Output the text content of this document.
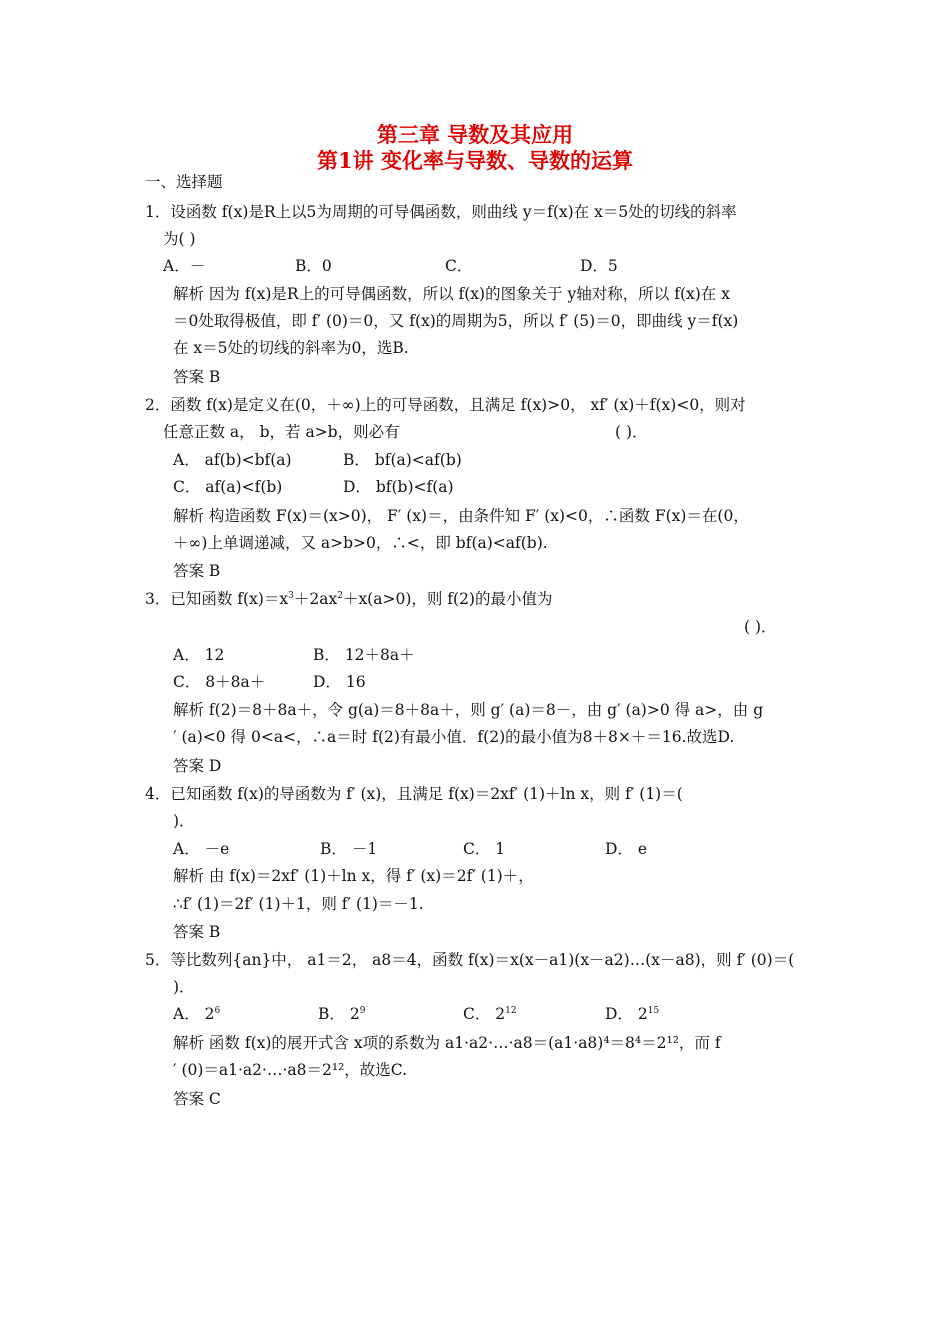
第三章 导数及其应用
第1讲 变化率与导数、导数的运算
一、选择题
1．设函数 f(x)是R上以5为周期的可导偶函数，则曲线 y＝f(x)在 x＝5处的切线的斜率
为( )
A．－	B．0	C．	D．5
解析 因为 f(x)是R上的可导偶函数，所以 f(x)的图象关于 y轴对称，所以 f(x)在 x
＝0处取得极值，即 f′ (0)＝0，又 f(x)的周期为5，所以 f′ (5)＝0，即曲线 y＝f(x)
在 x＝5处的切线的斜率为0，选B.
答案 B
2．函数 f(x)是定义在(0，＋∞)上的可导函数，且满足 f(x)>0， xf′ (x)＋f(x)<0，则对
任意正数 a， b，若 a>b，则必有	( )．
A． af(b)<bf(a)	B． bf(a)<af(b)
C． af(a)<f(b)	D． bf(b)<f(a)
解析 构造函数 F(x)＝(x>0)， F′ (x)＝，由条件知 F′ (x)<0，∴函数 F(x)＝在(0，
＋∞)上单调递减，又 a>b>0，∴<，即 bf(a)<af(b).
答案 B
3．已知函数 $f(x)=x^3+2ax^2+x(a>0)$，则 f(2)的最小值为
( )．
A． 12	B． 12＋8a＋
C． 8＋8a＋	D． 16
解析 f(2)＝8＋8a＋，令 g(a)＝8＋8a＋，则 g′ (a)＝8－，由 g′ (a)>0 得 a>，由 g
′ (a)<0 得 0<a<，∴a＝时 f(2)有最小值．f(2)的最小值为8＋8×＋＝16.故选D.
答案 D
4．已知函数 f(x)的导函数为 f′ (x)，且满足 f(x)＝2xf′ (1)＋ln x，则 f′ (1)＝(
)．
A． －e	B． －1	C． 1	D． e
解析 由 f(x)＝2xf′ (1)＋ln x，得 f′ (x)＝2f′ (1)＋，
∴f′ (1)＝2f′ (1)＋1，则 f′ (1)＝－1.
答案 B
5．等比数列{an}中， a1＝2， a8＝4，函数 f(x)＝x(x－a1)(x－a2)…(x－a8)，则 f′ (0)＝(
)．
A． $2^6$	B． $2^9$	C． $2^{12}$	D． $2^{15}$
解析 函数 f(x)的展开式含 x项的系数为 a1·a2·…·a8＝(a1·a8)⁴＝8⁴＝2¹²，而 f
′ (0)＝a1·a2·…·a8＝2¹²，故选C.
答案 C
